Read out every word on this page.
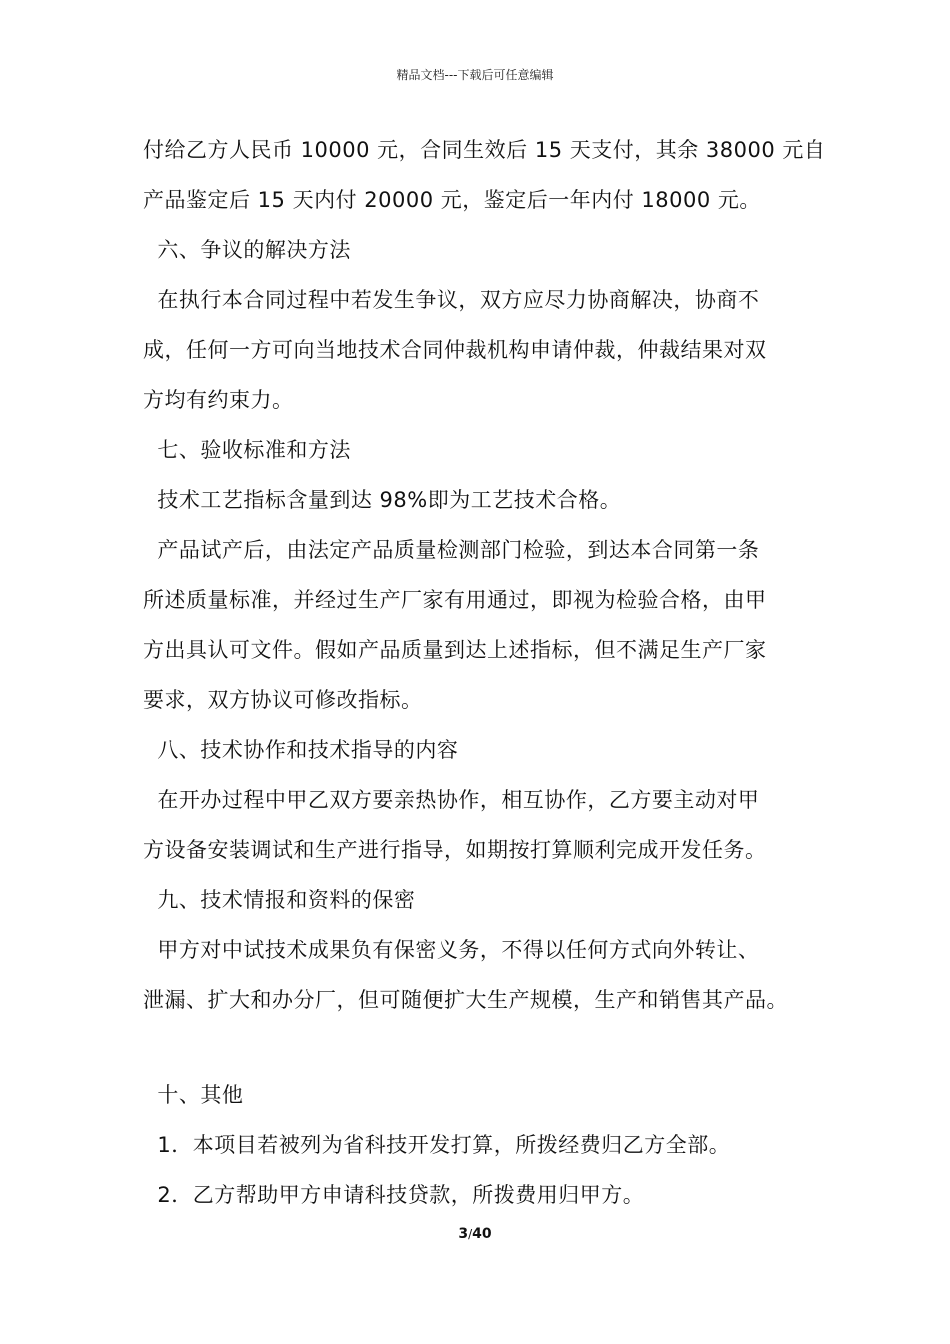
精品文档---下载后可任意编辑
付给乙方人民币 10000 元，合同生效后 15 天支付，其余 38000 元自
产品鉴定后 15 天内付 20000 元，鉴定后一年内付 18000 元。
六、争议的解决方法
在执行本合同过程中若发生争议，双方应尽力协商解决，协商不
成，任何一方可向当地技术合同仲裁机构申请仲裁，仲裁结果对双
方均有约束力。
七、验收标准和方法
技术工艺指标含量到达 98%即为工艺技术合格。
产品试产后，由法定产品质量检测部门检验，到达本合同第一条
所述质量标准，并经过生产厂家有用通过，即视为检验合格，由甲
方出具认可文件。假如产品质量到达上述指标，但不满足生产厂家
要求，双方协议可修改指标。
八、技术协作和技术指导的内容
在开办过程中甲乙双方要亲热协作，相互协作，乙方要主动对甲
方设备安装调试和生产进行指导，如期按打算顺利完成开发任务。
九、技术情报和资料的保密
甲方对中试技术成果负有保密义务，不得以任何方式向外转让、
泄漏、扩大和办分厂，但可随便扩大生产规模，生产和销售其产品。
十、其他
1．本项目若被列为省科技开发打算，所拨经费归乙方全部。
2．乙方帮助甲方申请科技贷款，所拨费用归甲方。
3/40
